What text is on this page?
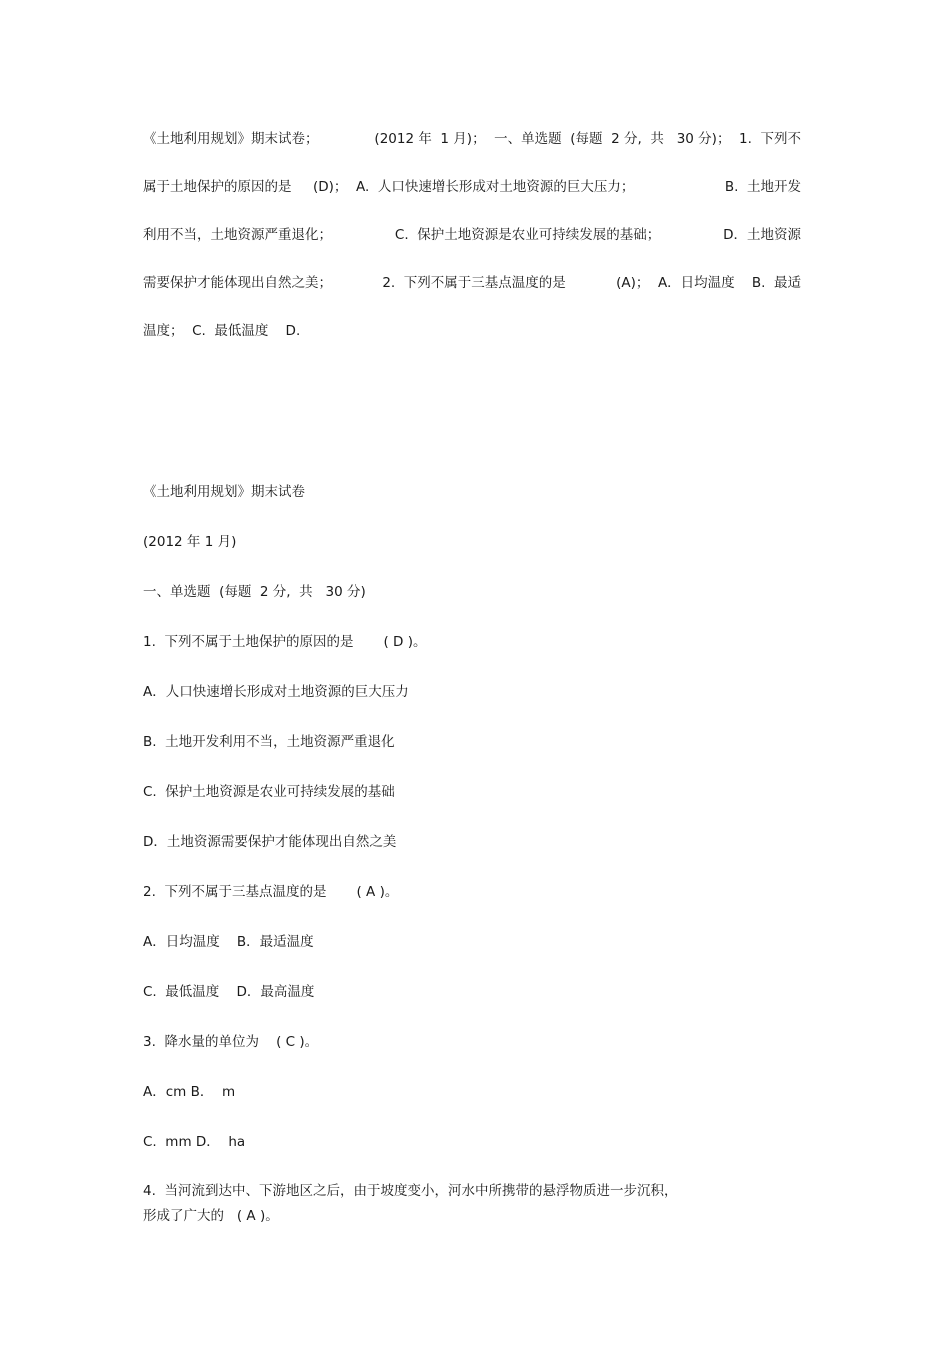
《土地利用规划》期末试卷；	(2012 年  1 月)；  一、单选题  (每题  2 分,  共   30 分)；  1.  下列不
属于土地保护的原因的是     (D)；  A.  人口快速增长形成对土地资源的巨大压力；	B.  土地开发
利用不当，土地资源严重退化；	C.  保护土地资源是农业可持续发展的基础；	D．土地资源
需要保护才能体现出自然之美；	2.  下列不属于三基点温度的是	(A)；  A．日均温度    B.  最适
温度；  C.  最低温度    D.
《土地利用规划》期末试卷
(2012 年 1 月)
一、单选题  (每题  2 分,  共   30 分)
1.  下列不属于土地保护的原因的是       ( D )。
A．人口快速增长形成对土地资源的巨大压力
B.  土地开发利用不当，土地资源严重退化
C.  保护土地资源是农业可持续发展的基础
D．土地资源需要保护才能体现出自然之美
2.  下列不属于三基点温度的是       ( A )。
A．日均温度    B．最适温度
C.  最低温度    D．最高温度
3.  降水量的单位为    ( C )。
A．cm B．  m
C.  mm D．  ha
4.  当河流到达中、下游地区之后，由于坡度变小，河水中所携带的悬浮物质进一步沉积，
形成了广大的   ( A )。
